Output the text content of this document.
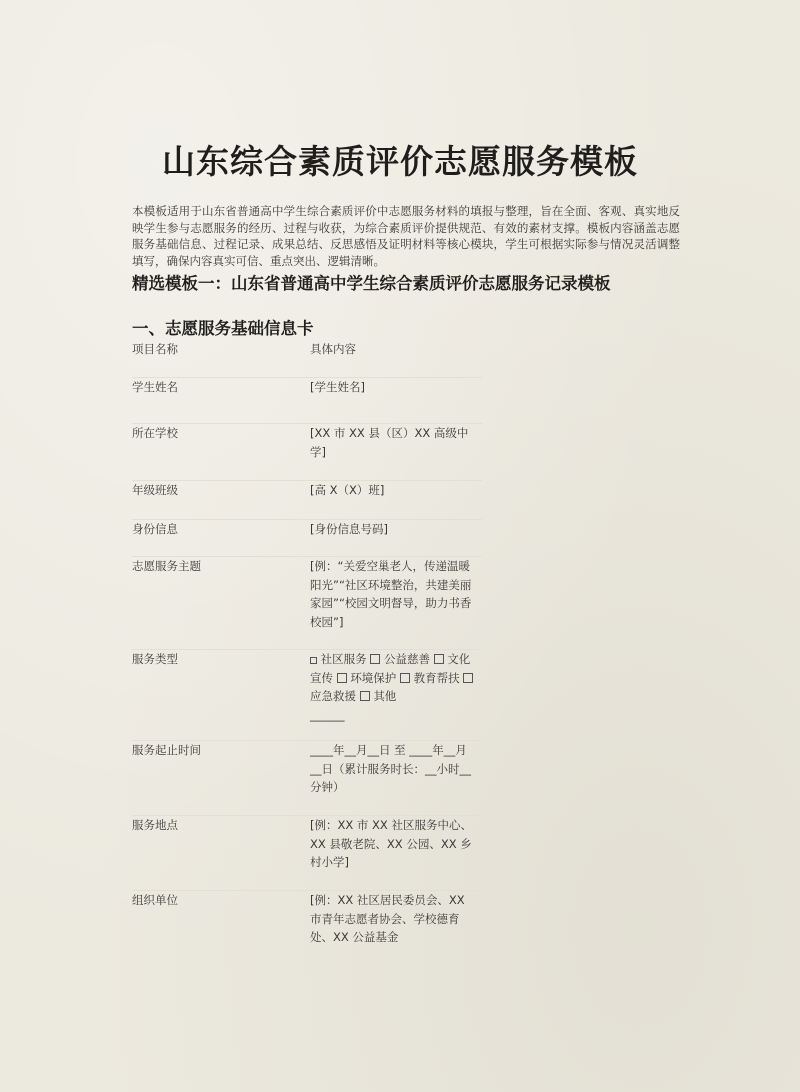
山东综合素质评价志愿服务模板
本模板适用于山东省普通高中学生综合素质评价中志愿服务材料的填报与整理，旨在全面、客观、真实地反映学生参与志愿服务的经历、过程与收获，为综合素质评价提供规范、有效的素材支撑。模板内容涵盖志愿服务基础信息、过程记录、成果总结、反思感悟及证明材料等核心模块，学生可根据实际参与情况灵活调整填写，确保内容真实可信、重点突出、逻辑清晰。
精选模板一：山东省普通高中学生综合素质评价志愿服务记录模板
一、志愿服务基础信息卡
项目名称	具体内容
学生姓名	[学生姓名]
所在学校	[XX 市 XX 县（区）XX 高级中学]
年级班级	[高 X（X）班]
身份信息	[身份信息号码]
志愿服务主题	[例：“关爱空巢老人，传递温暖阳光”“社区环境整治，共建美丽家园”“校园文明督导，助力书香校园”]
服务类型	社区服务 公益慈善 文化宣传 环境保护 教育帮扶  应急救援 其他
______
服务起止时间	____年__月__日 至 ____年__月__日（累计服务时长：__小时__分钟）
服务地点	[例：XX 市 XX 社区服务中心、XX 县敬老院、XX 公园、XX 乡村小学]
组织单位	[例：XX 社区居民委员会、XX 市青年志愿者协会、学校德育处、XX 公益基金
